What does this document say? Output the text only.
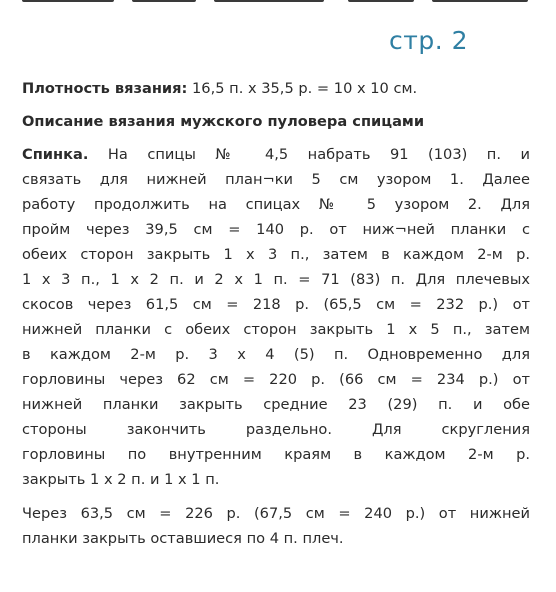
стр. 2
Плотность вязания: 16,5 п. x 35,5 р. = 10 x 10 см.
Описание вязания мужского пуловера спицами
Спинка. На спицы № 4,5 набрать 91 (103) п. и
связать для нижней план¬ки 5 см узором 1. Далее
работу продолжить на спицах № 5 узором 2. Для
пройм через 39,5 см = 140 р. от ниж¬ней планки с
обеих сторон закрыть 1 x 3 п., затем в каждом 2-м р.
1 x 3 п., 1 x 2 п. и 2 x 1 п. = 71 (83) п. Для плечевых
скосов через 61,5 см = 218 р. (65,5 см = 232 р.) от
нижней планки с обеих сторон закрыть 1 x 5 п., затем
в каждом 2-м р. 3 x 4 (5) п. Одновременно для
горловины через 62 см = 220 р. (66 см = 234 р.) от
нижней планки закрыть средние 23 (29) п. и обе
стороны закончить раздельно. Для скругления
горловины по внутренним краям в каждом 2-м р.
закрыть 1 x 2 п. и 1 x 1 п.
Через 63,5 см = 226 р. (67,5 см = 240 р.) от нижней
планки закрыть оставшиеся по 4 п. плеч.
